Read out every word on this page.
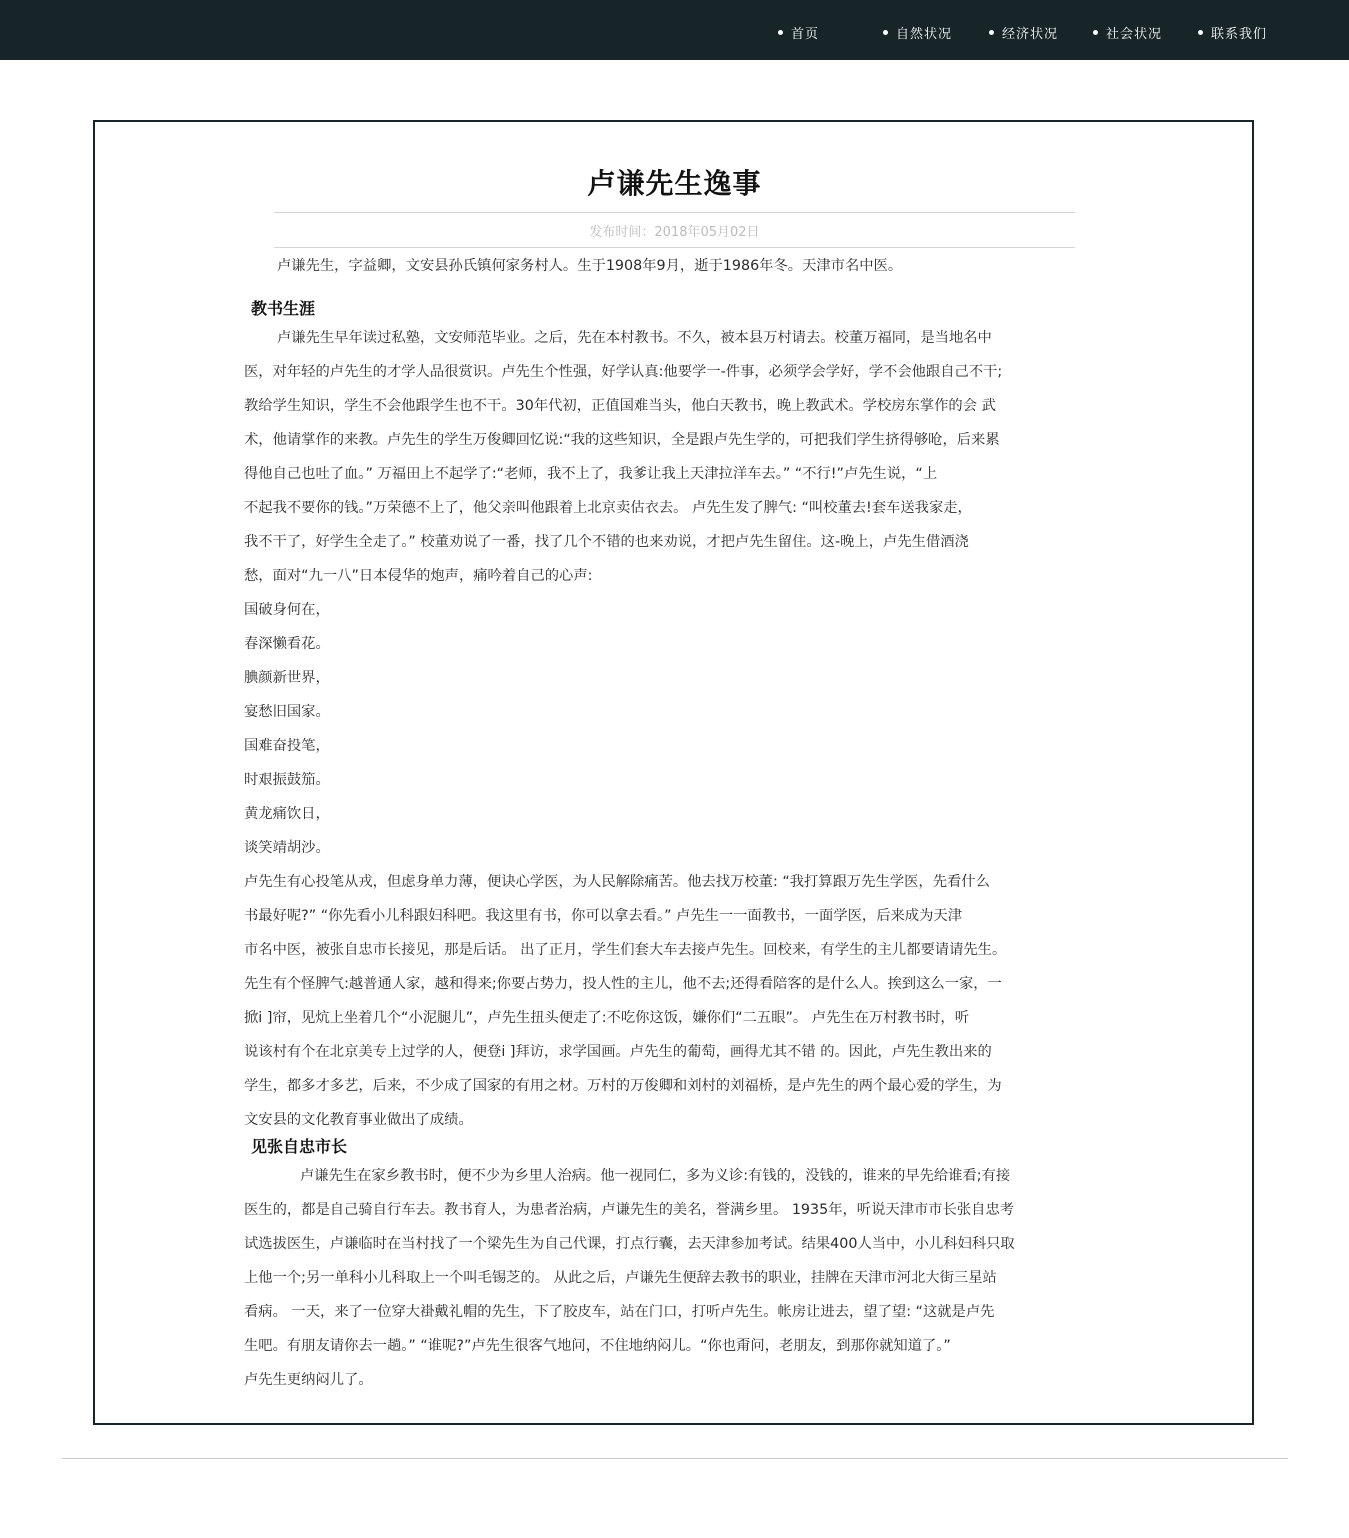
首页	自然状况	经济状况	社会状况	联系我们
卢谦先生逸事
发布时间：2018年05月02日
卢谦先生，字益卿，文安县孙氏镇何家务村人。生于1908年9月，逝于1986年冬。天津市名中医。
教书生涯
卢谦先生早年读过私塾，文安师范毕业。之后，先在本村教书。不久，被本县万村请去。校董万福同，是当地名中
医，对年轻的卢先生的才学人品很赏识。卢先生个性强，好学认真:他要学一-件事，必须学会学好，学不会他跟自己不干;
教给学生知识，学生不会他跟学生也不干。30年代初，正值国难当头，他白天教书，晚上教武术。学校房东掌作的会 武
术，他请掌作的来教。卢先生的学生万俊卿回忆说:“我的这些知识，全是跟卢先生学的，可把我们学生挤得够呛，后来累
得他自己也吐了血。” 万福田上不起学了:“老师，我不上了，我爹让我上天津拉洋车去。” “不行!”卢先生说，“上
不起我不要你的钱。”万荣德不上了，他父亲叫他跟着上北京卖估衣去。 卢先生发了脾气: “叫校董去!套车送我家走，
我不干了，好学生全走了。” 校董劝说了一番，找了几个不错的也来劝说，才把卢先生留住。这-晚上，卢先生借酒浇
愁，面对“九一八”日本侵华的炮声，痛吟着自己的心声:
国破身何在，
春深懒看花。
腆颜新世界，
宴愁旧国家。
国难奋投笔，
时艰振鼓笳。
黄龙痛饮日，
谈笑靖胡沙。
卢先生有心投笔从戎，但虑身单力薄，便诀心学医，为人民解除痛苦。他去找万校董: “我打算跟万先生学医，先看什么
书最好呢?” “你先看小儿科跟妇科吧。我这里有书，你可以拿去看。” 卢先生一一面教书，一面学医，后来成为天津
市名中医，被张自忠市长接见，那是后话。 出了正月，学生们套大车去接卢先生。回校来，有学生的主儿都要请请先生。
先生有个怪脾气:越普通人家，越和得来;你要占势力，投人性的主儿，他不去;还得看陪客的是什么人。挨到这么一家，一
掀i ]帘，见炕上坐着几个“小泥腿儿”，卢先生扭头便走了:不吃你这饭，嫌你们“二五眼”。 卢先生在万村教书时，听
说该村有个在北京美专上过学的人，便登i ]拜访，求学国画。卢先生的葡萄，画得尤其不错 的。因此，卢先生教出来的
学生，都多才多艺，后来，不少成了国家的有用之材。万村的万俊卿和刘村的刘福桥，是卢先生的两个最心爱的学生，为
文安县的文化教育事业做出了成绩。
见张自忠市长
卢谦先生在家乡教书时，便不少为乡里人治病。他一视同仁，多为义诊:有钱的，没钱的，谁来的早先给谁看;有接
医生的，都是自己骑自行车去。教书育人，为患者治病，卢谦先生的美名，誉满乡里。 1935年，听说天津市市长张自忠考
试选拔医生，卢谦临时在当村找了一个梁先生为自己代课，打点行囊，去天津参加考试。结果400人当中，小儿科妇科只取
上他一个;另一单科小儿科取上一个叫毛锡芝的。 从此之后，卢谦先生便辞去教书的职业，挂牌在天津市河北大街三星站
看病。 一天，来了一位穿大褂戴礼帽的先生，下了胶皮车，站在门口，打听卢先生。帐房让进去，望了望: “这就是卢先
生吧。有朋友请你去一趟。” “谁呢?”卢先生很客气地问，不住地纳闷儿。“你也甭问，老朋友，到那你就知道了。”
卢先生更纳闷儿了。
